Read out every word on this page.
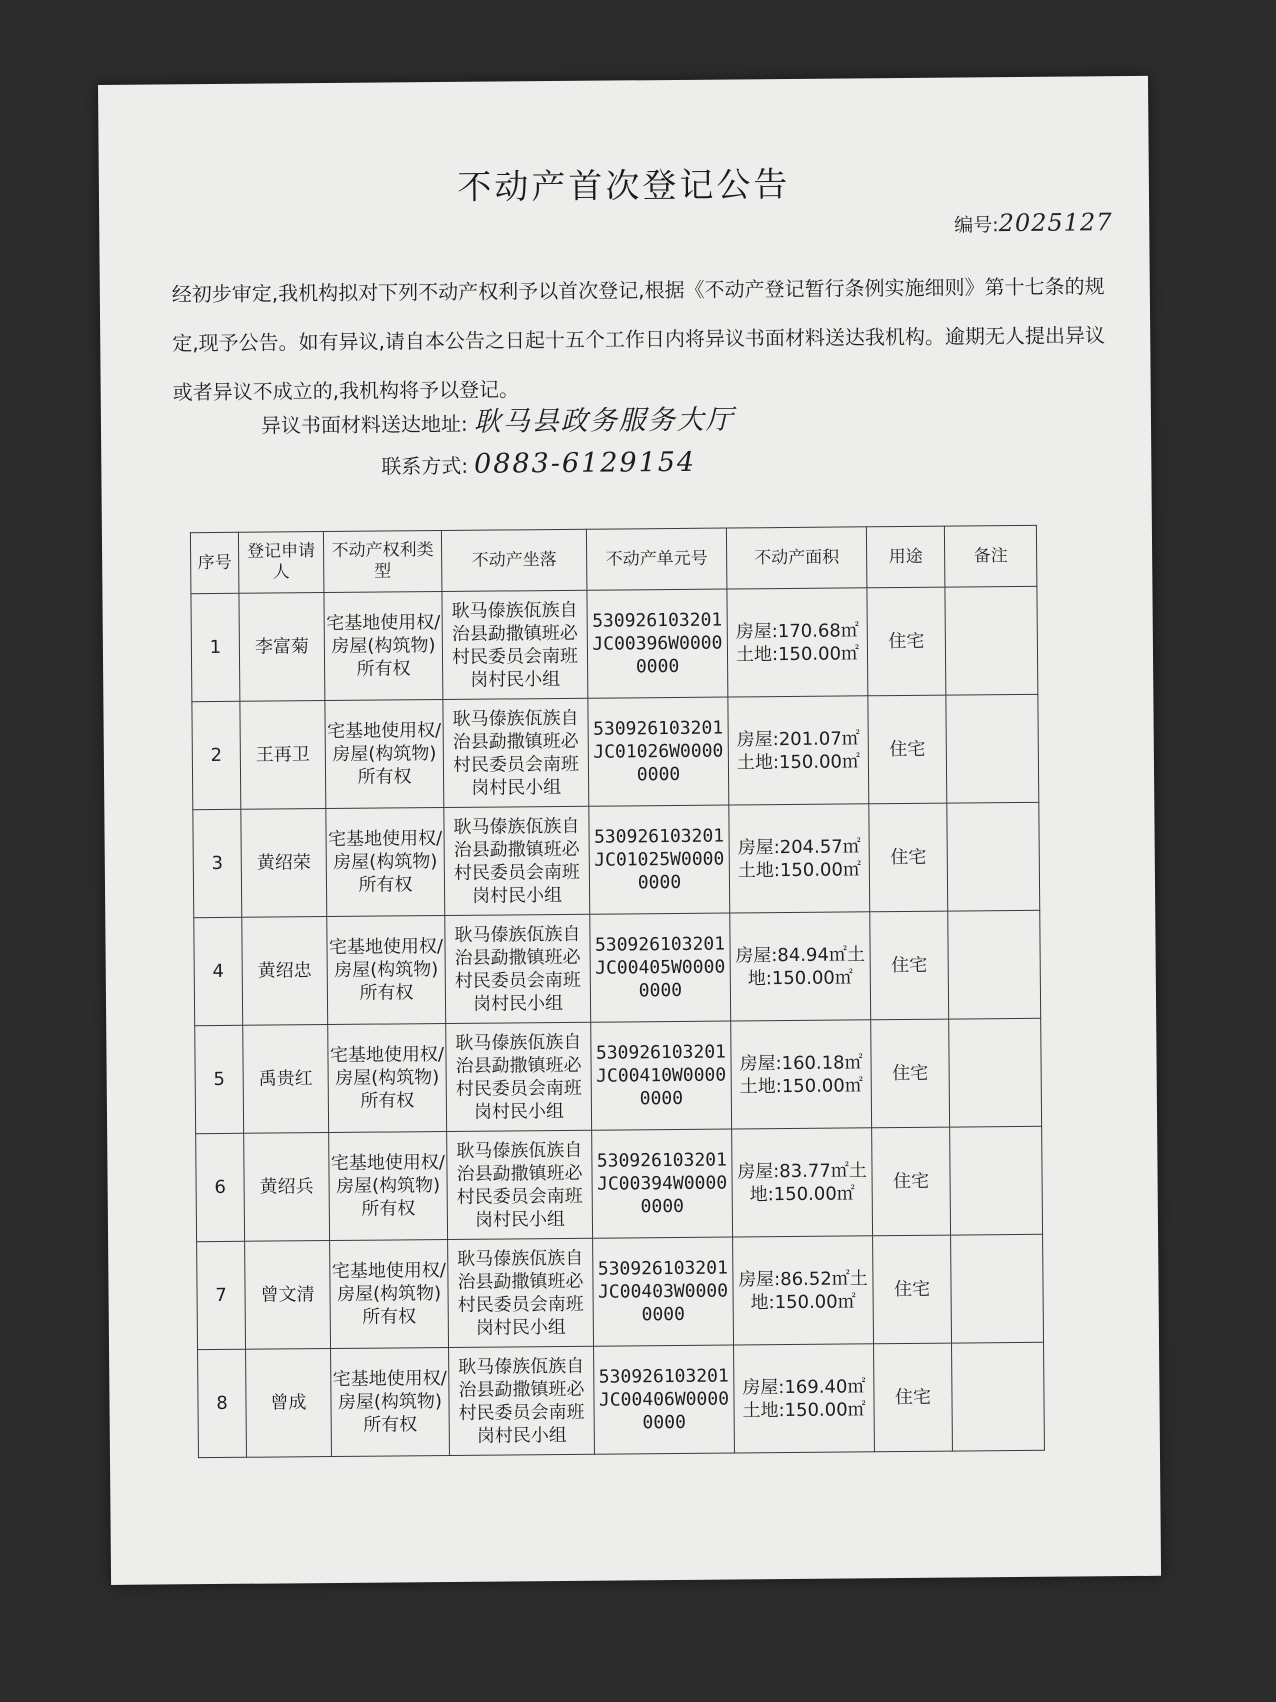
不动产首次登记公告
编号:2025127

经初步审定,我机构拟对下列不动产权利予以首次登记,根据《不动产登记暂行条例实施细则》第十七条的规定,现予公告。如有异议,请自本公告之日起十五个工作日内将异议书面材料送达我机构。逾期无人提出异议或者异议不成立的,我机构将予以登记。

异议书面材料送达地址: 耿马县政务服务大厅
联系方式: 0883-6129154
序号	登记申请人	不动产权利类型	不动产坐落	不动产单元号	不动产面积	用途	备注
1	李富菊	宅基地使用权/房屋(构筑物)所有权	耿马傣族佤族自治县勐撒镇班必村民委员会南班岗村民小组	530926103201JC00396W00000000	房屋:170.68㎡土地:150.00㎡	住宅	
2	王再卫	宅基地使用权/房屋(构筑物)所有权	耿马傣族佤族自治县勐撒镇班必村民委员会南班岗村民小组	530926103201JC01026W00000000	房屋:201.07㎡土地:150.00㎡	住宅	
3	黄绍荣	宅基地使用权/房屋(构筑物)所有权	耿马傣族佤族自治县勐撒镇班必村民委员会南班岗村民小组	530926103201JC01025W00000000	房屋:204.57㎡土地:150.00㎡	住宅	
4	黄绍忠	宅基地使用权/房屋(构筑物)所有权	耿马傣族佤族自治县勐撒镇班必村民委员会南班岗村民小组	530926103201JC00405W00000000	房屋:84.94㎡土地:150.00㎡	住宅	
5	禹贵红	宅基地使用权/房屋(构筑物)所有权	耿马傣族佤族自治县勐撒镇班必村民委员会南班岗村民小组	530926103201JC00410W00000000	房屋:160.18㎡土地:150.00㎡	住宅	
6	黄绍兵	宅基地使用权/房屋(构筑物)所有权	耿马傣族佤族自治县勐撒镇班必村民委员会南班岗村民小组	530926103201JC00394W00000000	房屋:83.77㎡土地:150.00㎡	住宅	
7	曾文清	宅基地使用权/房屋(构筑物)所有权	耿马傣族佤族自治县勐撒镇班必村民委员会南班岗村民小组	530926103201JC00403W00000000	房屋:86.52㎡土地:150.00㎡	住宅	
8	曾成	宅基地使用权/房屋(构筑物)所有权	耿马傣族佤族自治县勐撒镇班必村民委员会南班岗村民小组	530926103201JC00406W00000000	房屋:169.40㎡土地:150.00㎡	住宅	
